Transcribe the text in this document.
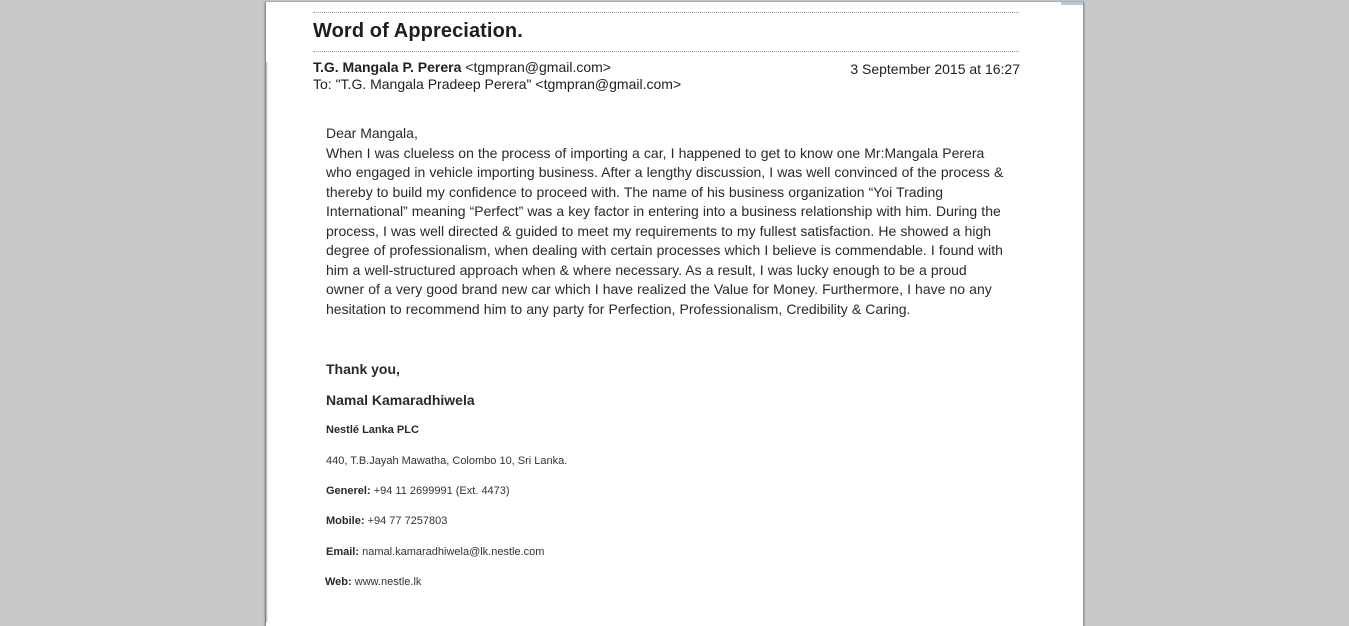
Word of Appreciation.
T.G. Mangala P. Perera <tgmpran@gmail.com>
To: "T.G. Mangala Pradeep Perera" <tgmpran@gmail.com>
3 September 2015 at 16:27

Dear Mangala,

When I was clueless on the process of importing a car, I happened to get to know one Mr:Mangala Perera who engaged in vehicle importing business. After a lengthy discussion, I was well convinced of the process & thereby to build my confidence to proceed with. The name of his business organization “Yoi Trading International” meaning “Perfect” was a key factor in entering into a business relationship with him. During the process, I was well directed & guided to meet my requirements to my fullest satisfaction. He showed a high degree of professionalism, when dealing with certain processes which I believe is commendable. I found with him a well-structured approach when & where necessary. As a result, I was lucky enough to be a proud owner of a very good brand new car which I have realized the Value for Money. Furthermore, I have no any hesitation to recommend him to any party for Perfection, Professionalism, Credibility & Caring.

Thank you,
Namal Kamaradhiwela
Nestlé Lanka PLC
440, T.B.Jayah Mawatha, Colombo 10, Sri Lanka.
Generel: +94 11 2699991 (Ext. 4473)
Mobile: +94 77 7257803
Email: namal.kamaradhiwela@lk.nestle.com
Web: www.nestle.lk
